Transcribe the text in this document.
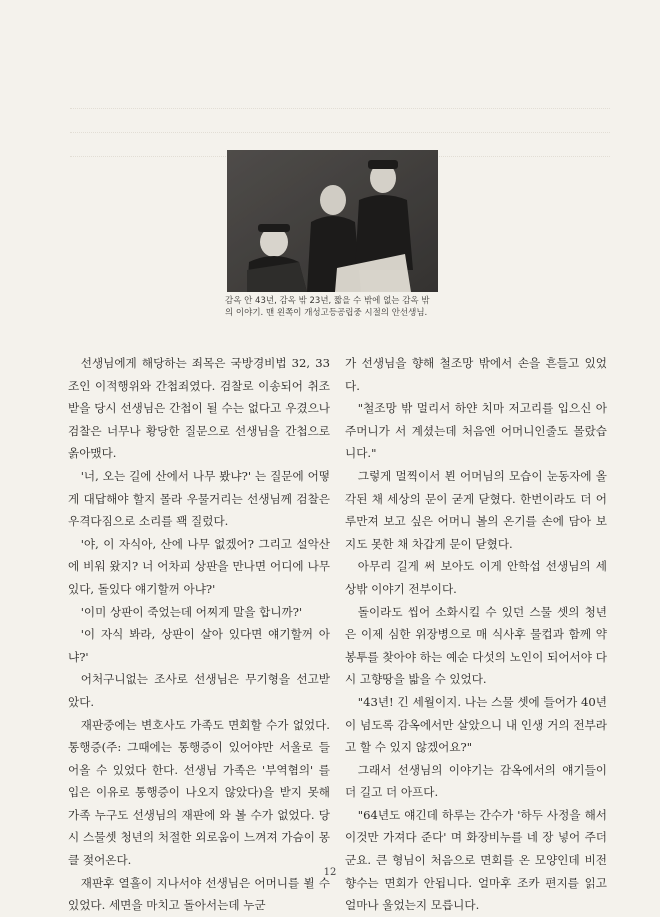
감옥 안 43년, 감옥 밖 23년, 짧을 수 밖에 없는 감옥 밖
의 이야기. 맨 왼쪽이 개성고등공립중 시절의 안선생님.

선생님에게 해당하는 죄목은 국방경비법 32, 33조인 이적행위와 간첩죄였다. 검찰로 이송되어 취조받을 당시 선생님은 간첩이 될 수는 없다고 우겼으나 검찰은 너무나 황당한 질문으로 선생님을 간첩으로 옭아맸다.

'너, 오는 길에 산에서 나무 봤냐?' 는 질문에 어떻게 대답해야 할지 몰라 우물거리는 선생님께 검찰은 우격다짐으로 소리를 꽥 질렀다.

'야, 이 자식아, 산에 나무 없겠어? 그리고 설악산에 비워 왔지? 너 어차피 상판을 만나면 어디에 나무있다, 돌있다 얘기할꺼 아냐?'

'이미 상판이 죽었는데 어찌게 말을 합니까?'

'이 자식 봐라, 상판이 살아 있다면 얘기할꺼 아냐?'

어처구니없는 조사로 선생님은 무기형을 선고받았다.

재판중에는 변호사도 가족도 면회할 수가 없었다. 통행증(주: 그때에는 통행증이 있어야만 서울로 들어올 수 있었다 한다. 선생님 가족은 '부역혐의' 를 입은 이유로 통행증이 나오지 않았다)을 받지 못해 가족 누구도 선생님의 재판에 와 볼 수가 없었다. 당시 스물셋 청년의 처절한 외로움이 느껴져 가슴이 몽클 젖어온다.

재판후 열흘이 지나서야 선생님은 어머니를 뵐 수 있었다. 세면을 마치고 돌아서는데 누군

가 선생님을 향해 철조망 밖에서 손을 흔들고 있었다.

"철조망 밖 멀리서 하얀 치마 저고리를 입으신 아주머니가 서 계셨는데 처음엔 어머니인줄도 몰랐습니다."

그렇게 멀찍이서 뵌 어머님의 모습이 눈동자에 올각된 채 세상의 문이 굳게 닫혔다. 한번이라도 더 어루만져 보고 싶은 어머니 볼의 온기를 손에 담아 보지도 못한 채 차갑게 문이 닫혔다.

아무리 길게 써 보아도 이게 안학섭 선생님의 세상밖 이야기 전부이다.

돌이라도 씹어 소화시킬 수 있던 스물 셋의 청년은 이제 심한 위장병으로 매 식사후 물컵과 함께 약봉투를 찾아야 하는 예순 다섯의 노인이 되어서야 다시 고향땅을 밟을 수 있었다.

"43년! 긴 세월이지. 나는 스물 셋에 들어가 40년이 넘도록 감옥에서만 살았으니 내 인생 거의 전부라고 할 수 있지 않겠어요?"

그래서 선생님의 이야기는 감옥에서의 얘기들이 더 길고 더 아프다.

"64년도 얘긴데 하루는 간수가 '하두 사정을 해서 이것만 가져다 준다' 며 화장비누를 네 장 넣어 주더군요. 큰 형님이 처음으로 면회를 온 모양인데 비전향수는 면회가 안됩니다. 얼마후 조카 편지를 읽고 얼마나 울었는지 모릅니다.

12
